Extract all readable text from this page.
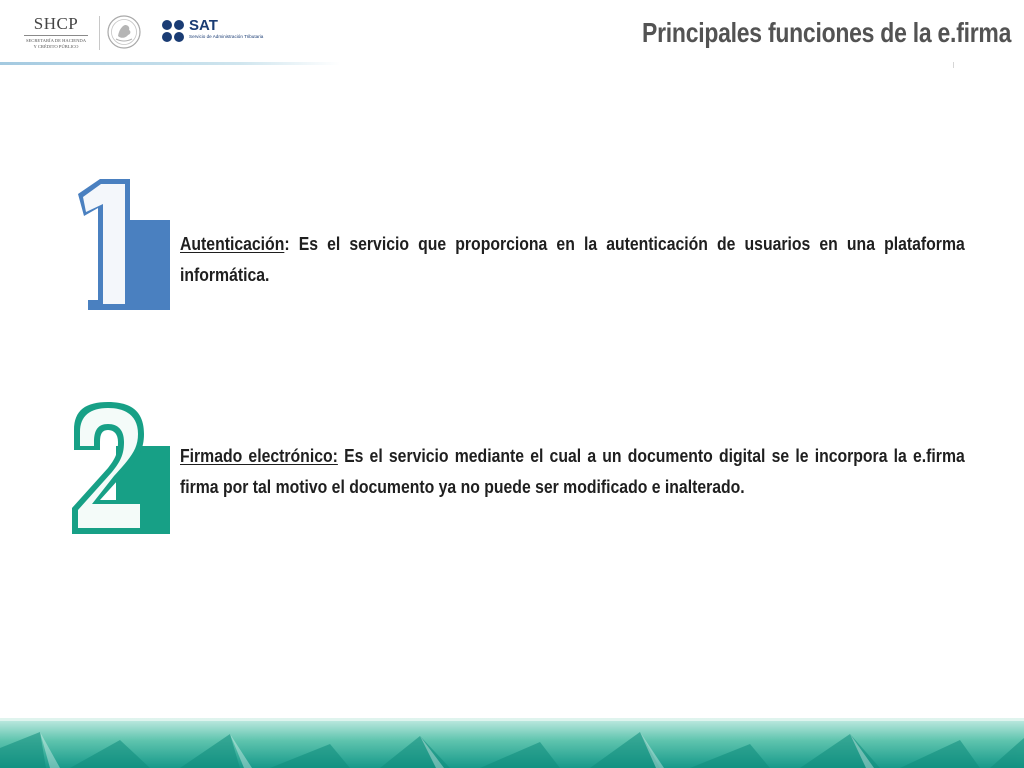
SHCP
SECRETARÍA DE HACIENDA
Y CRÉDITO PÚBLICO
SAT
Servicio de Administración Tributaria	Principales funciones de la e.firma
Autenticación: Es el servicio que proporciona en la autenticación de usuarios en una plataforma informática.
Firmado electrónico: Es el servicio mediante el cual a un documento digital se le incorpora la e.firma firma por tal motivo el documento ya no puede ser modificado e inalterado.
